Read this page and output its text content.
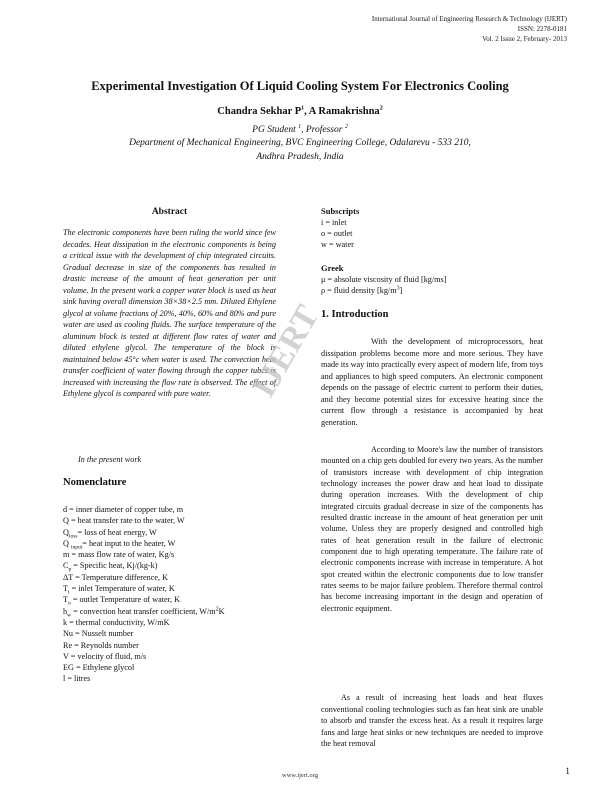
International Journal of Engineering Research & Technology (IJERT)
ISSN: 2278-0181
Vol. 2 Issue 2, February- 2013
Experimental Investigation Of Liquid Cooling System For Electronics Cooling
Chandra Sekhar $P^1$, A Ramakrishna$^2$
PG Student $^1$, Professor $^2$
Department of Mechanical Engineering, BVC Engineering College, Odalarevu - 533 210,
Andhra Pradesh, India
Abstract
The electronic components have been ruling the world since few decades. Heat dissipation in the electronic components is being a critical issue with the development of chip integrated circuits. Gradual decrease in size of the components has resulted in drastic increase of the amount of heat generation per unit volume. In the present work a copper water block is used as heat sink having overall dimension 38×38×2.5 mm. Diluted Ethylene glycol at volume fractions of 20%, 40%, 60% and 80% and pure water are used as cooling fluids. The surface temperature of the aluminum block is tested at different flow rates of water and diluted ethylene glycol. The temperature of the block is maintained below 45°c when water is used. The convection heat transfer coefficient of water flowing through the copper tubes is increased with increasing the flow rate is observed. The effect of Ethylene glycol is compared with pure water.
In the present work
Nomenclature
d = inner diameter of copper tube, m
Q = heat transfer rate to the water, W
$Q_{loss}=$ loss of heat energy, W
Q $_{input}$= heat input to the heater, W
m = mass flow rate of water, Kg/s
$C_p$ = Specific heat, Kj/(kg-k)
ΔT = Temperature difference, K
$T_i$ = inlet Temperature of water, K
$T_o$ = outlet Temperature of water, K
$h_w$ = convection heat transfer coefficient, $W/m^2K$
k = thermal conductivity, W/mK
Nu = Nusselt number
Re = Reynolds number
V = velocity of fluid, m/s
EG = Ethylene glycol
l = litres
Subscripts
i = inlet
o = outlet
w = water
Greek
μ = absolute viscosity of fluid [kg/ms]
ρ = fluid density $[kg/m^3]$
1. Introduction
With the development of microprocessors, heat dissipation problems become more and more serious. They have made its way into practically every aspect of modern life, from toys and appliances to high speed computers. An electronic component depends on the passage of electric current to perform their duties, and they become potential sizes for excessive heating since the current flow through a resistance is accompanied by heat generation.
According to Moore's law the number of transistors mounted on a chip gets doubled for every two years. As the number of transistors increase with development of chip integration technology increases the power draw and heat load to dissipate during operation increases. With the development of chip integrated circuits gradual decrease in size of the components has resulted drastic increase in the amount of heat generation per unit volume. Unless they are properly designed and controlled high rates of heat generation result in the failure of electronic component due to high operating temperature. The failure rate of electronic components increase with increase in temperature. A hot spot created within the electronic components due to low transfer rates seems to be major failure problem. Therefore thermal control has become increasing important in the design and operation of electronic equipment.
As a result of increasing heat loads and heat fluxes conventional cooling technologies such as fan heat sink are unable to absorb and transfer the excess heat. As a result it requires large fans and large heat sinks or new techniques are needed to improve the heat removal
IJERT
www.ijert.org	1
